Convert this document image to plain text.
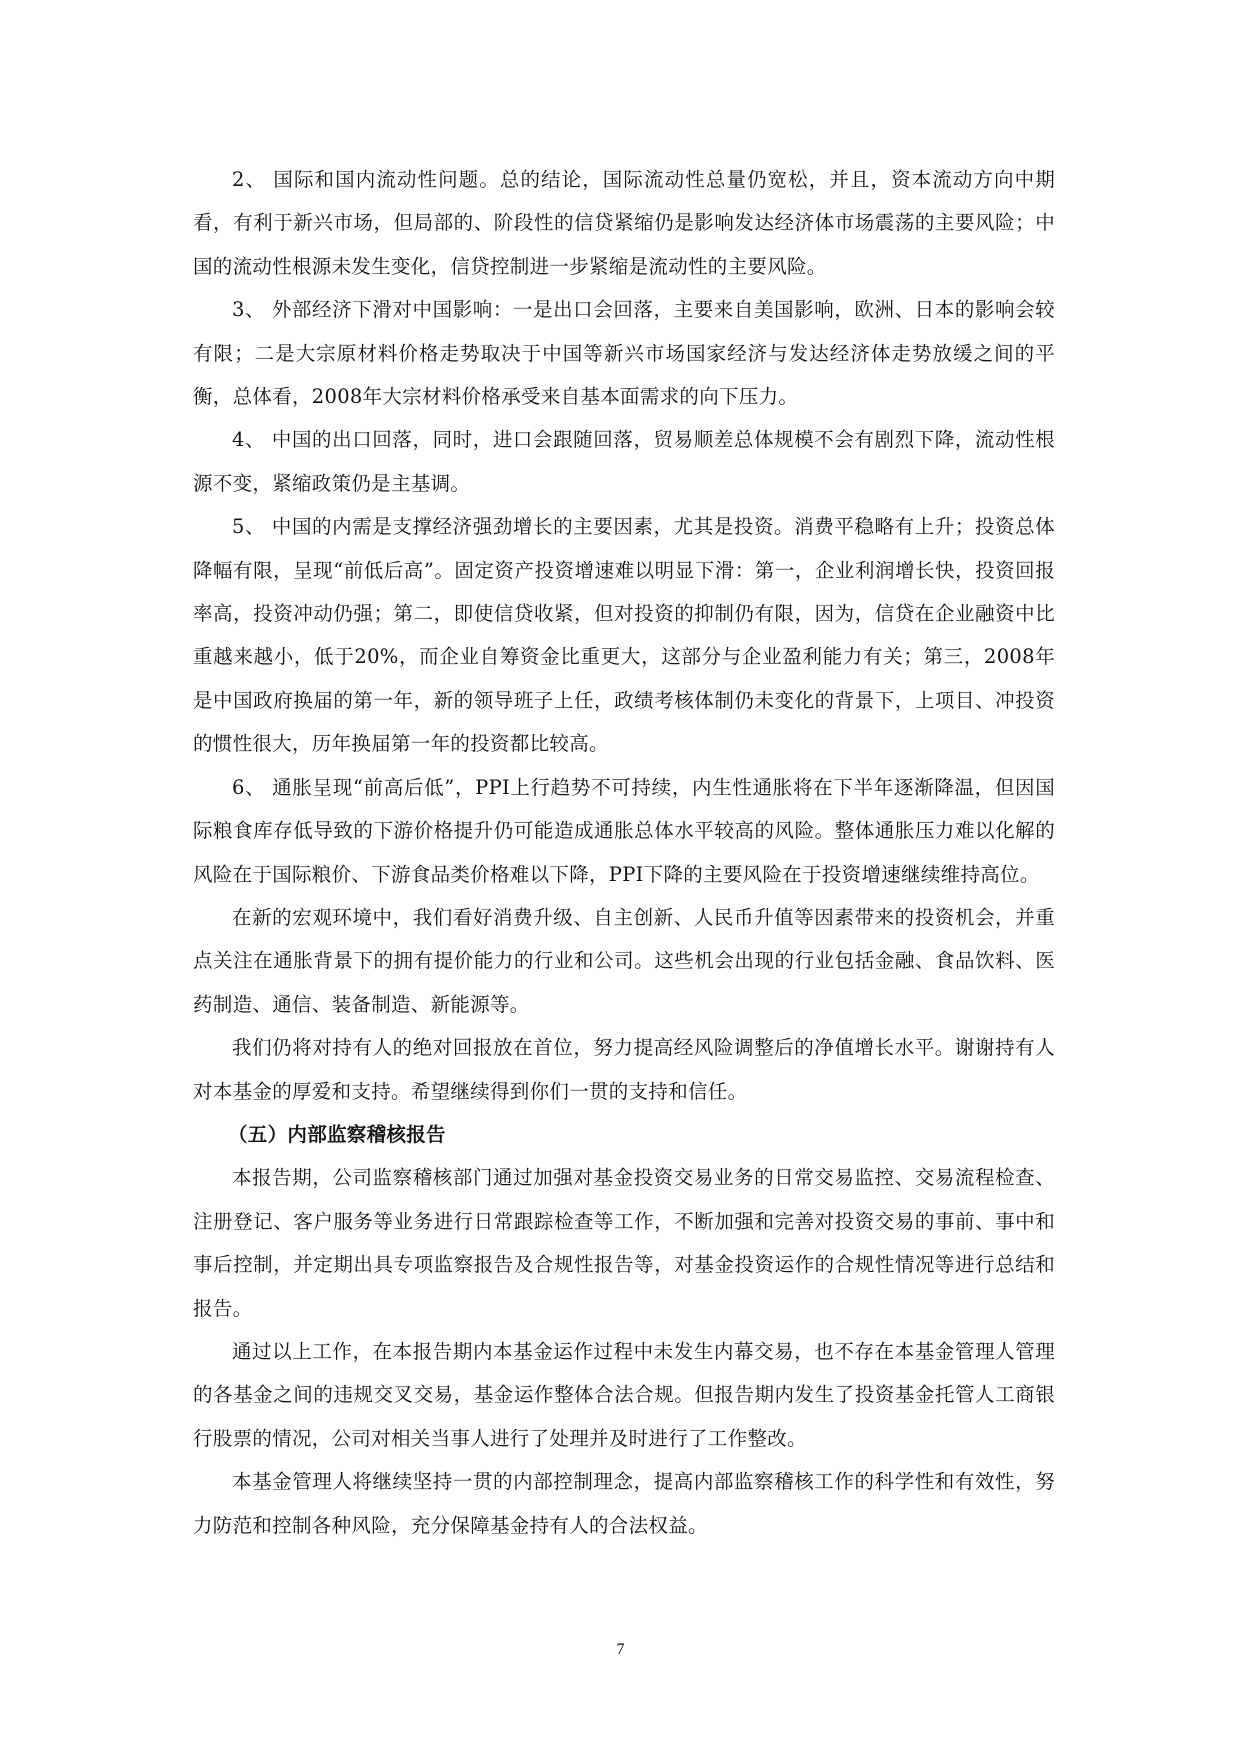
2、 国际和国内流动性问题。总的结论，国际流动性总量仍宽松，并且，资本流动方向中期看，有利于新兴市场，但局部的、阶段性的信贷紧缩仍是影响发达经济体市场震荡的主要风险；中国的流动性根源未发生变化，信贷控制进一步紧缩是流动性的主要风险。

3、 外部经济下滑对中国影响：一是出口会回落，主要来自美国影响，欧洲、日本的影响会较有限；二是大宗原材料价格走势取决于中国等新兴市场国家经济与发达经济体走势放缓之间的平衡，总体看，2008年大宗材料价格承受来自基本面需求的向下压力。

4、 中国的出口回落，同时，进口会跟随回落，贸易顺差总体规模不会有剧烈下降，流动性根源不变，紧缩政策仍是主基调。

5、 中国的内需是支撑经济强劲增长的主要因素，尤其是投资。消费平稳略有上升；投资总体降幅有限，呈现“前低后高”。固定资产投资增速难以明显下滑：第一，企业利润增长快，投资回报率高，投资冲动仍强；第二，即使信贷收紧，但对投资的抑制仍有限，因为，信贷在企业融资中比重越来越小，低于20%，而企业自筹资金比重更大，这部分与企业盈利能力有关；第三，2008年是中国政府换届的第一年，新的领导班子上任，政绩考核体制仍未变化的背景下，上项目、冲投资的惯性很大，历年换届第一年的投资都比较高。

6、 通胀呈现“前高后低”，PPI上行趋势不可持续，内生性通胀将在下半年逐渐降温，但因国际粮食库存低导致的下游价格提升仍可能造成通胀总体水平较高的风险。整体通胀压力难以化解的风险在于国际粮价、下游食品类价格难以下降，PPI下降的主要风险在于投资增速继续维持高位。

在新的宏观环境中，我们看好消费升级、自主创新、人民币升值等因素带来的投资机会，并重点关注在通胀背景下的拥有提价能力的行业和公司。这些机会出现的行业包括金融、食品饮料、医药制造、通信、装备制造、新能源等。

我们仍将对持有人的绝对回报放在首位，努力提高经风险调整后的净值增长水平。谢谢持有人对本基金的厚爱和支持。希望继续得到你们一贯的支持和信任。

（五）内部监察稽核报告

本报告期，公司监察稽核部门通过加强对基金投资交易业务的日常交易监控、交易流程检查、注册登记、客户服务等业务进行日常跟踪检查等工作，不断加强和完善对投资交易的事前、事中和事后控制，并定期出具专项监察报告及合规性报告等，对基金投资运作的合规性情况等进行总结和报告。

通过以上工作，在本报告期内本基金运作过程中未发生内幕交易，也不存在本基金管理人管理的各基金之间的违规交叉交易，基金运作整体合法合规。但报告期内发生了投资基金托管人工商银行股票的情况，公司对相关当事人进行了处理并及时进行了工作整改。

本基金管理人将继续坚持一贯的内部控制理念，提高内部监察稽核工作的科学性和有效性，努力防范和控制各种风险，充分保障基金持有人的合法权益。

7
